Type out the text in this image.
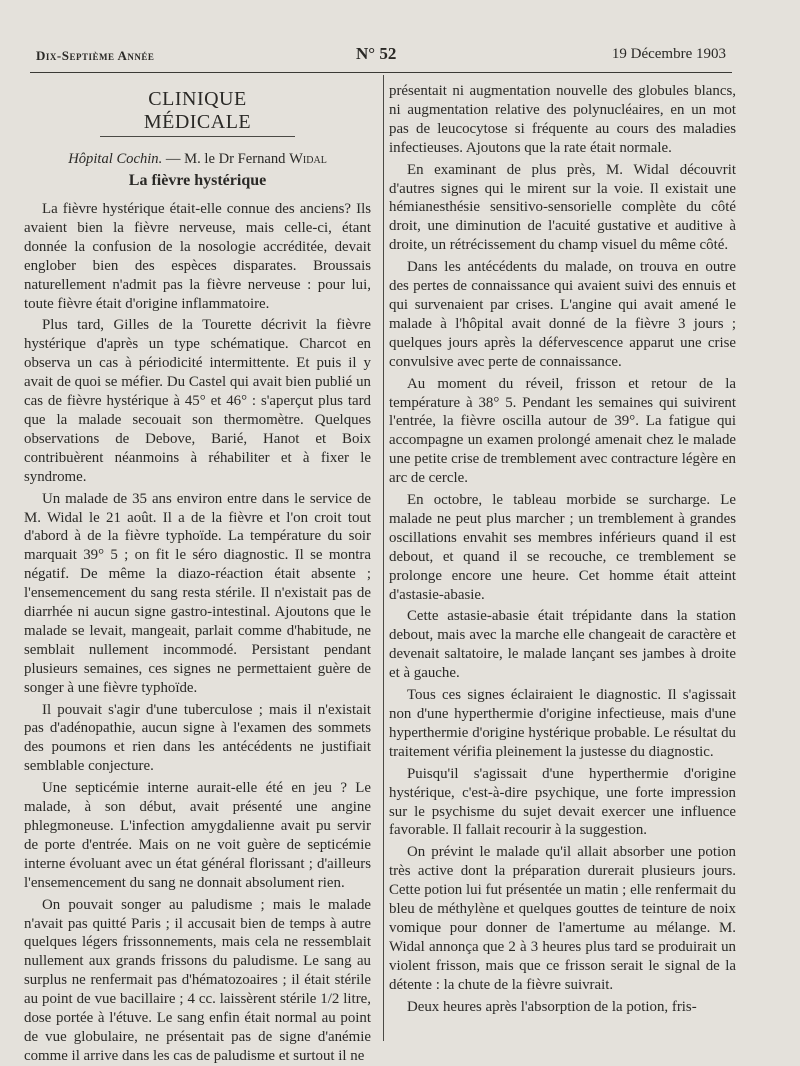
Dix-Septième Année	N° 52	19 Décembre 1903
CLINIQUE MÉDICALE
Hôpital Cochin. — M. le Dr Fernand Widal
La fièvre hystérique

La fièvre hystérique était-elle connue des anciens? Ils avaient bien la fièvre nerveuse, mais celle-ci, étant donnée la confusion de la nosologie accréditée, devait englober bien des espèces disparates. Broussais naturellement n'admit pas la fièvre nerveuse : pour lui, toute fièvre était d'origine inflammatoire.

Plus tard, Gilles de la Tourette décrivit la fièvre hystérique d'après un type schématique. Charcot en observa un cas à périodicité intermittente. Et puis il y avait de quoi se méfier. Du Castel qui avait bien publié un cas de fièvre hystérique à 45° et 46° : s'aperçut plus tard que la malade secouait son thermomètre. Quelques observations de Debove, Barié, Hanot et Boix contribuèrent néanmoins à réhabiliter et à fixer le syndrome.

Un malade de 35 ans environ entre dans le service de M. Widal le 21 août. Il a de la fièvre et l'on croit tout d'abord à de la fièvre typhoïde. La température du soir marquait 39° 5 ; on fit le séro diagnostic. Il se montra négatif. De même la diazo-réaction était absente ; l'ensemencement du sang resta stérile. Il n'existait pas de diarrhée ni aucun signe gastro-intestinal. Ajoutons que le malade se levait, mangeait, parlait comme d'habitude, ne semblait nullement incommodé. Persistant pendant plusieurs semaines, ces signes ne permettaient guère de songer à une fièvre typhoïde.

Il pouvait s'agir d'une tuberculose ; mais il n'existait pas d'adénopathie, aucun signe à l'examen des sommets des poumons et rien dans les antécédents ne justifiait semblable conjecture.

Une septicémie interne aurait-elle été en jeu ? Le malade, à son début, avait présenté une angine phlegmoneuse. L'infection amygdalienne avait pu servir de porte d'entrée. Mais on ne voit guère de septicémie interne évoluant avec un état général florissant ; d'ailleurs l'ensemencement du sang ne donnait absolument rien.

On pouvait songer au paludisme ; mais le malade n'avait pas quitté Paris ; il accusait bien de temps à autre quelques légers frissonnements, mais cela ne ressemblait nullement aux grands frissons du paludisme. Le sang au surplus ne renfermait pas d'hématozoaires ; il était stérile au point de vue bacillaire ; 4 cc. laissèrent stérile 1/2 litre, dose portée à l'étuve. Le sang enfin était normal au point de vue globulaire, ne présentait pas de signe d'anémie comme il arrive dans les cas de paludisme et surtout il ne

présentait ni augmentation nouvelle des globules blancs, ni augmentation relative des polynucléaires, en un mot pas de leucocytose si fréquente au cours des maladies infectieuses. Ajoutons que la rate était normale.

En examinant de plus près, M. Widal découvrit d'autres signes qui le mirent sur la voie. Il existait une hémianesthésie sensitivo-sensorielle complète du côté droit, une diminution de l'acuité gustative et auditive à droite, un rétrécissement du champ visuel du même côté.

Dans les antécédents du malade, on trouva en outre des pertes de connaissance qui avaient suivi des ennuis et qui survenaient par crises. L'angine qui avait amené le malade à l'hôpital avait donné de la fièvre 3 jours ; quelques jours après la défervescence apparut une crise convulsive avec perte de connaissance.

Au moment du réveil, frisson et retour de la température à 38° 5. Pendant les semaines qui suivirent l'entrée, la fièvre oscilla autour de 39°. La fatigue qui accompagne un examen prolongé amenait chez le malade une petite crise de tremblement avec contracture légère en arc de cercle.

En octobre, le tableau morbide se surcharge. Le malade ne peut plus marcher ; un tremblement à grandes oscillations envahit ses membres inférieurs quand il est debout, et quand il se recouche, ce tremblement se prolonge encore une heure. Cet homme était atteint d'astasie-abasie.

Cette astasie-abasie était trépidante dans la station debout, mais avec la marche elle changeait de caractère et devenait saltatoire, le malade lançant ses jambes à droite et à gauche.

Tous ces signes éclairaient le diagnostic. Il s'agissait non d'une hyperthermie d'origine infectieuse, mais d'une hyperthermie d'origine hystérique probable. Le résultat du traitement vérifia pleinement la justesse du diagnostic.

Puisqu'il s'agissait d'une hyperthermie d'origine hystérique, c'est-à-dire psychique, une forte impression sur le psychisme du sujet devait exercer une influence favorable. Il fallait recourir à la suggestion.

On prévint le malade qu'il allait absorber une potion très active dont la préparation durerait plusieurs jours. Cette potion lui fut présentée un matin ; elle renfermait du bleu de méthylène et quelques gouttes de teinture de noix vomique pour donner de l'amertume au mélange. M. Widal annonça que 2 à 3 heures plus tard se produirait un violent frisson, mais que ce frisson serait le signal de la détente : la chute de la fièvre suivrait.

Deux heures après l'absorption de la potion, fris-
